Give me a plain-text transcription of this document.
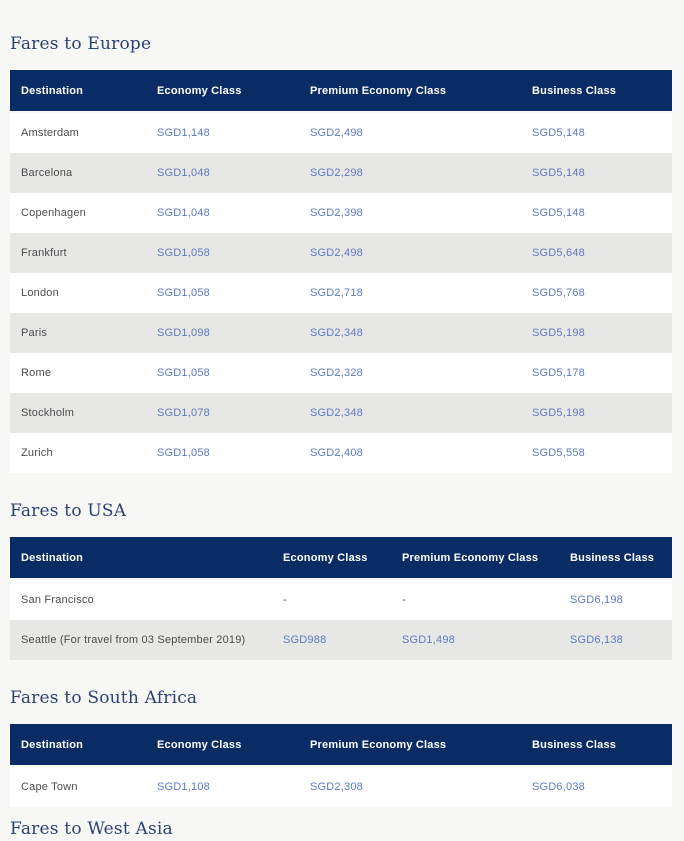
Fares to Europe
Destination	Economy Class	Premium Economy Class	Business Class
Amsterdam	SGD1,148	SGD2,498	SGD5,148
Barcelona	SGD1,048	SGD2,298	SGD5,148
Copenhagen	SGD1,048	SGD2,398	SGD5,148
Frankfurt	SGD1,058	SGD2,498	SGD5,648
London	SGD1,058	SGD2,718	SGD5,768
Paris	SGD1,098	SGD2,348	SGD5,198
Rome	SGD1,058	SGD2,328	SGD5,178
Stockholm	SGD1,078	SGD2,348	SGD5,198
Zurich	SGD1,058	SGD2,408	SGD5,558
Fares to USA
Destination	Economy Class	Premium Economy Class	Business Class
San Francisco	-	-	SGD6,198
Seattle (For travel from 03 September 2019)	SGD988	SGD1,498	SGD6,138
Fares to South Africa
Destination	Economy Class	Premium Economy Class	Business Class
Cape Town	SGD1,108	SGD2,308	SGD6,038
Fares to West Asia
